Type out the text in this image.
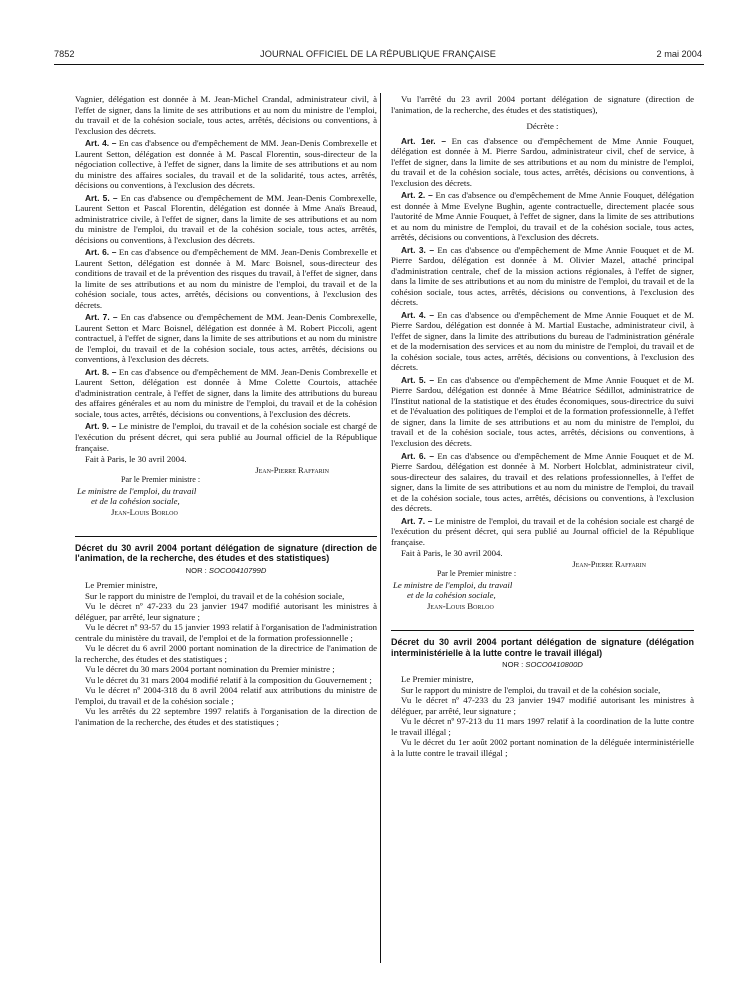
7852	JOURNAL OFFICIEL DE LA RÉPUBLIQUE FRANÇAISE	2 mai 2004

Vagnier, délégation est donnée à M. Jean-Michel Crandal, administrateur civil, à l'effet de signer, dans la limite de ses attributions et au nom du ministre de l'emploi, du travail et de la cohésion sociale, tous actes, arrêtés, décisions ou conventions, à l'exclusion des décrets.

Art. 4. – En cas d'absence ou d'empêchement de MM. Jean-Denis Combrexelle et Laurent Setton, délégation est donnée à M. Pascal Florentin, sous-directeur de la négociation collective, à l'effet de signer, dans la limite de ses attributions et au nom du ministre des affaires sociales, du travail et de la solidarité, tous actes, arrêtés, décisions ou conventions, à l'exclusion des décrets.

Art. 5. – En cas d'absence ou d'empêchement de MM. Jean-Denis Combrexelle, Laurent Setton et Pascal Florentin, délégation est donnée à Mme Anaïs Breaud, administratrice civile, à l'effet de signer, dans la limite de ses attributions et au nom du ministre de l'emploi, du travail et de la cohésion sociale, tous actes, arrêtés, décisions ou conventions, à l'exclusion des décrets.

Art. 6. – En cas d'absence ou d'empêchement de MM. Jean-Denis Combrexelle et Laurent Setton, délégation est donnée à M. Marc Boisnel, sous-directeur des conditions de travail et de la prévention des risques du travail, à l'effet de signer, dans la limite de ses attributions et au nom du ministre de l'emploi, du travail et de la cohésion sociale, tous actes, arrêtés, décisions ou conventions, à l'exclusion des décrets.

Art. 7. – En cas d'absence ou d'empêchement de MM. Jean-Denis Combrexelle, Laurent Setton et Marc Boisnel, délégation est donnée à M. Robert Piccoli, agent contractuel, à l'effet de signer, dans la limite de ses attributions et au nom du ministre de l'emploi, du travail et de la cohésion sociale, tous actes, arrêtés, décisions ou conventions, à l'exclusion des décrets.

Art. 8. – En cas d'absence ou d'empêchement de MM. Jean-Denis Combrexelle et Laurent Setton, délégation est donnée à Mme Colette Courtois, attachée d'administration centrale, à l'effet de signer, dans la limite des attributions du bureau des affaires générales et au nom du ministre de l'emploi, du travail et de la cohésion sociale, tous actes, arrêtés, décisions ou conventions, à l'exclusion des décrets.

Art. 9. – Le ministre de l'emploi, du travail et de la cohésion sociale est chargé de l'exécution du présent décret, qui sera publié au Journal officiel de la République française.

Fait à Paris, le 30 avril 2004.

Jean-Pierre Raffarin

Par le Premier ministre :

Le ministre de l'emploi, du travail

et de la cohésion sociale,

Jean-Louis Borloo

Décret du 30 avril 2004 portant délégation de signature (direction de l'animation, de la recherche, des études et des statistiques)

NOR : SOCO0410799D

Le Premier ministre,

Sur le rapport du ministre de l'emploi, du travail et de la cohésion sociale,

Vu le décret nº 47-233 du 23 janvier 1947 modifié autorisant les ministres à déléguer, par arrêté, leur signature ;

Vu le décret nº 93-57 du 15 janvier 1993 relatif à l'organisation de l'administration centrale du ministère du travail, de l'emploi et de la formation professionnelle ;

Vu le décret du 6 avril 2000 portant nomination de la directrice de l'animation de la recherche, des études et des statistiques ;

Vu le décret du 30 mars 2004 portant nomination du Premier ministre ;

Vu le décret du 31 mars 2004 modifié relatif à la composition du Gouvernement ;

Vu le décret nº 2004-318 du 8 avril 2004 relatif aux attributions du ministre de l'emploi, du travail et de la cohésion sociale ;

Vu les arrêtés du 22 septembre 1997 relatifs à l'organisation de la direction de l'animation de la recherche, des études et des statistiques ;

Vu l'arrêté du 23 avril 2004 portant délégation de signature (direction de l'animation, de la recherche, des études et des statistiques),

Décrète :

Art. 1er. – En cas d'absence ou d'empêchement de Mme Annie Fouquet, délégation est donnée à M. Pierre Sardou, administrateur civil, chef de service, à l'effet de signer, dans la limite de ses attributions et au nom du ministre de l'emploi, du travail et de la cohésion sociale, tous actes, arrêtés, décisions ou conventions, à l'exclusion des décrets.

Art. 2. – En cas d'absence ou d'empêchement de Mme Annie Fouquet, délégation est donnée à Mme Evelyne Bughin, agente contractuelle, directement placée sous l'autorité de Mme Annie Fouquet, à l'effet de signer, dans la limite de ses attributions et au nom du ministre de l'emploi, du travail et de la cohésion sociale, tous actes, arrêtés, décisions ou conventions, à l'exclusion des décrets.

Art. 3. – En cas d'absence ou d'empêchement de Mme Annie Fouquet et de M. Pierre Sardou, délégation est donnée à M. Olivier Mazel, attaché principal d'administration centrale, chef de la mission actions régionales, à l'effet de signer, dans la limite de ses attributions et au nom du ministre de l'emploi, du travail et de la cohésion sociale, tous actes, arrêtés, décisions ou conventions, à l'exclusion des décrets.

Art. 4. – En cas d'absence ou d'empêchement de Mme Annie Fouquet et de M. Pierre Sardou, délégation est donnée à M. Martial Eustache, administrateur civil, à l'effet de signer, dans la limite des attributions du bureau de l'administration générale et de la modernisation des services et au nom du ministre de l'emploi, du travail et de la cohésion sociale, tous actes, arrêtés, décisions ou conventions, à l'exclusion des décrets.

Art. 5. – En cas d'absence ou d'empêchement de Mme Annie Fouquet et de M. Pierre Sardou, délégation est donnée à Mme Béatrice Sédillot, administratrice de l'Institut national de la statistique et des études économiques, sous-directrice du suivi et de l'évaluation des politiques de l'emploi et de la formation professionnelle, à l'effet de signer, dans la limite de ses attributions et au nom du ministre de l'emploi, du travail et de la cohésion sociale, tous actes, arrêtés, décisions ou conventions, à l'exclusion des décrets.

Art. 6. – En cas d'absence ou d'empêchement de Mme Annie Fouquet et de M. Pierre Sardou, délégation est donnée à M. Norbert Holcblat, administrateur civil, sous-directeur des salaires, du travail et des relations professionnelles, à l'effet de signer, dans la limite de ses attributions et au nom du ministre de l'emploi, du travail et de la cohésion sociale, tous actes, arrêtés, décisions ou conventions, à l'exclusion des décrets.

Art. 7. – Le ministre de l'emploi, du travail et de la cohésion sociale est chargé de l'exécution du présent décret, qui sera publié au Journal officiel de la République française.

Fait à Paris, le 30 avril 2004.

Jean-Pierre Raffarin

Par le Premier ministre :

Le ministre de l'emploi, du travail

et de la cohésion sociale,

Jean-Louis Borloo

Décret du 30 avril 2004 portant délégation de signature (délégation interministérielle à la lutte contre le travail illégal)

NOR : SOCO0410800D

Le Premier ministre,

Sur le rapport du ministre de l'emploi, du travail et de la cohésion sociale,

Vu le décret nº 47-233 du 23 janvier 1947 modifié autorisant les ministres à déléguer, par arrêté, leur signature ;

Vu le décret nº 97-213 du 11 mars 1997 relatif à la coordination de la lutte contre le travail illégal ;

Vu le décret du 1er août 2002 portant nomination de la déléguée interministérielle à la lutte contre le travail illégal ;
